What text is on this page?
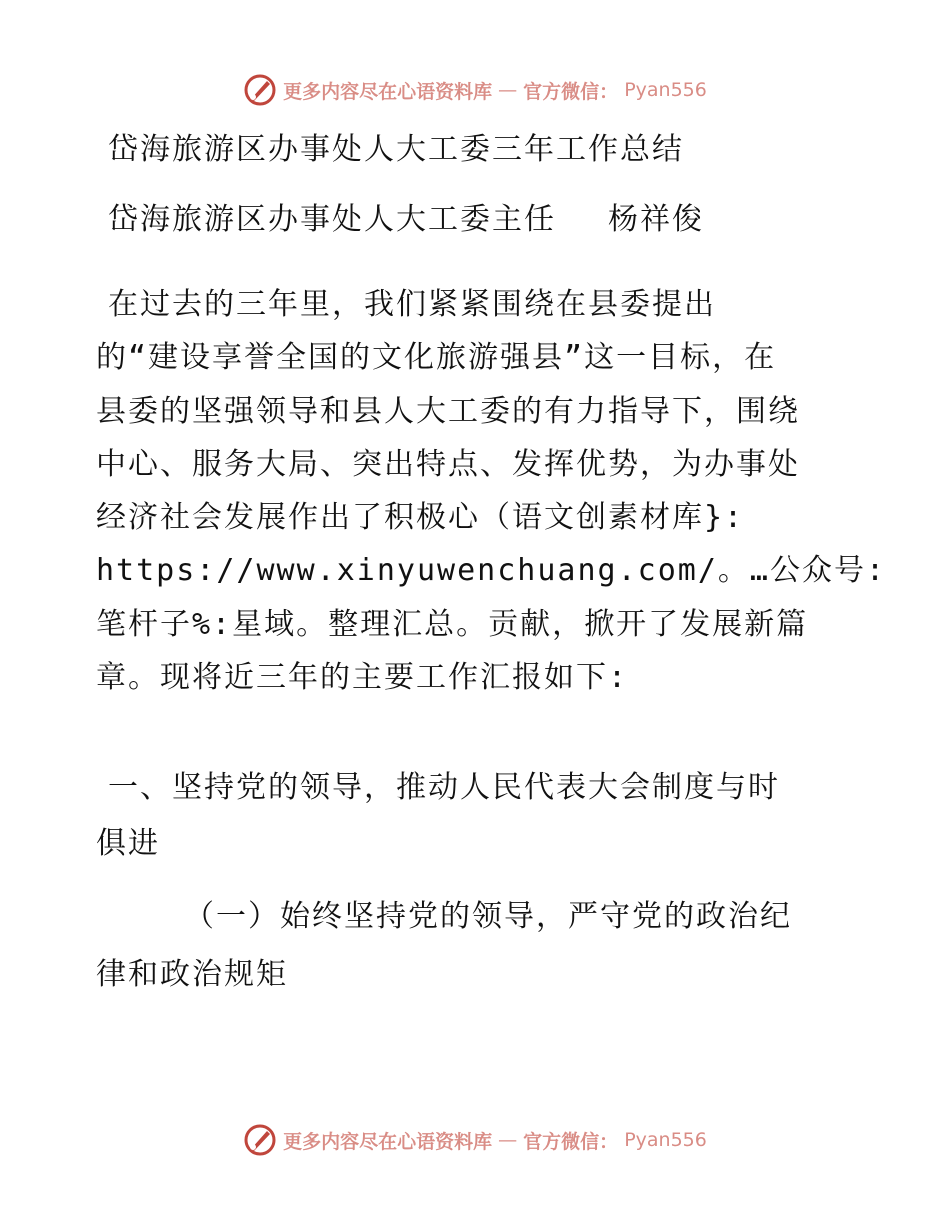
更多内容尽在心语资料库 — 官方微信： Pyan556

岱海旅游区办事处人大工委三年工作总结

岱海旅游区办事处人大工委主任　 杨祥俊

在过去的三年里，我们紧紧围绕在县委提出

的“建设享誉全国的文化旅游强县”这一目标，在

县委的坚强领导和县人大工委的有力指导下，围绕

中心、服务大局、突出特点、发挥优势，为办事处

经济社会发展作出了积极心（语文创素材库}:

https://www.xinyuwenchuang.com/。…公众号:

笔杆子%:星域。整理汇总。贡献，掀开了发展新篇

章。现将近三年的主要工作汇报如下:

一、坚持党的领导，推动人民代表大会制度与时

俱进

（一）始终坚持党的领导，严守党的政治纪

律和政治规矩

更多内容尽在心语资料库 — 官方微信： Pyan556
